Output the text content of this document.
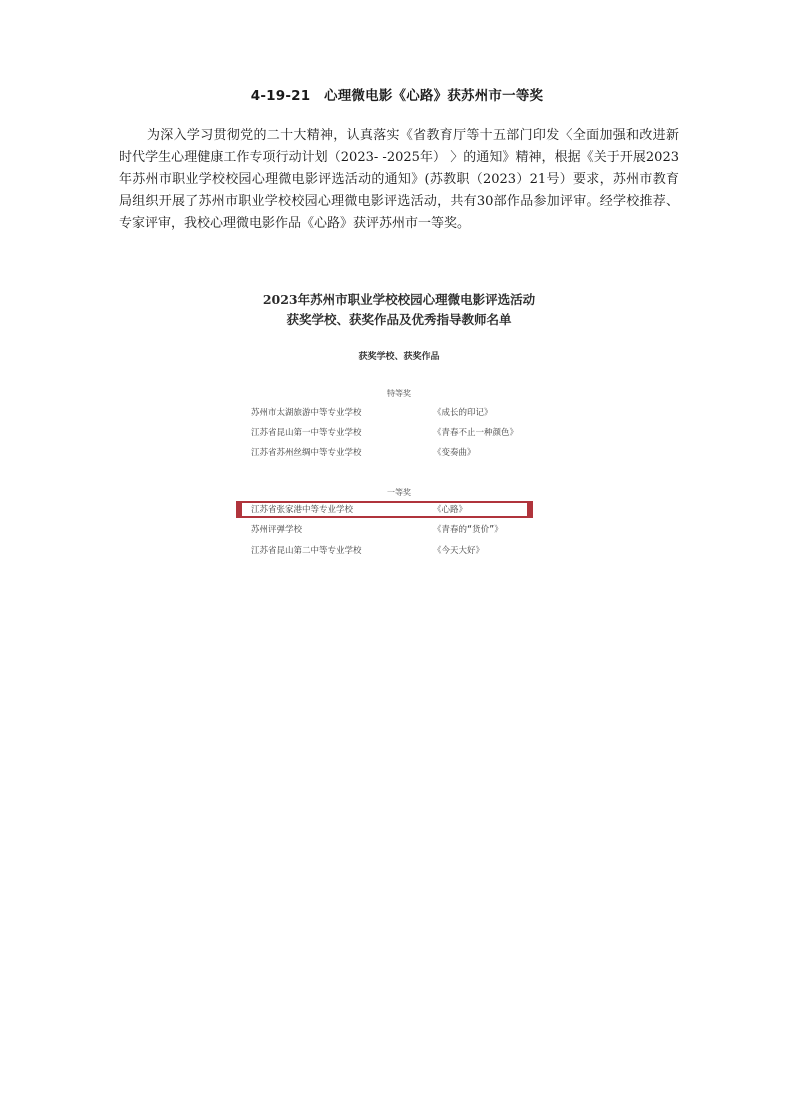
4-19-21　心理微电影《心路》获苏州市一等奖
为深入学习贯彻党的二十大精神，认真落实《省教育厅等十五部门印发〈全面加强和改进新时代学生心理健康工作专项行动计划（2023- -2025年） 〉的通知》精神，根据《关于开展2023年苏州市职业学校校园心理微电影评选活动的通知》(苏教职（2023）21号）要求，苏州市教育局组织开展了苏州市职业学校校园心理微电影评选活动，共有30部作品参加评审。经学校推荐、专家评审，我校心理微电影作品《心路》获评苏州市一等奖。
2023年苏州市职业学校校园心理微电影评选活动
获奖学校、获奖作品及优秀指导教师名单
获奖学校、获奖作品
特等奖
苏州市太湖旅游中等专业学校	《成长的印记》
江苏省昆山第一中等专业学校	《青春不止一种颜色》
江苏省苏州丝绸中等专业学校	《变奏曲》
一等奖
江苏省张家港中等专业学校	《心路》
苏州评弹学校	《青春的“货价”》
江苏省昆山第二中等专业学校	《今天大好》
